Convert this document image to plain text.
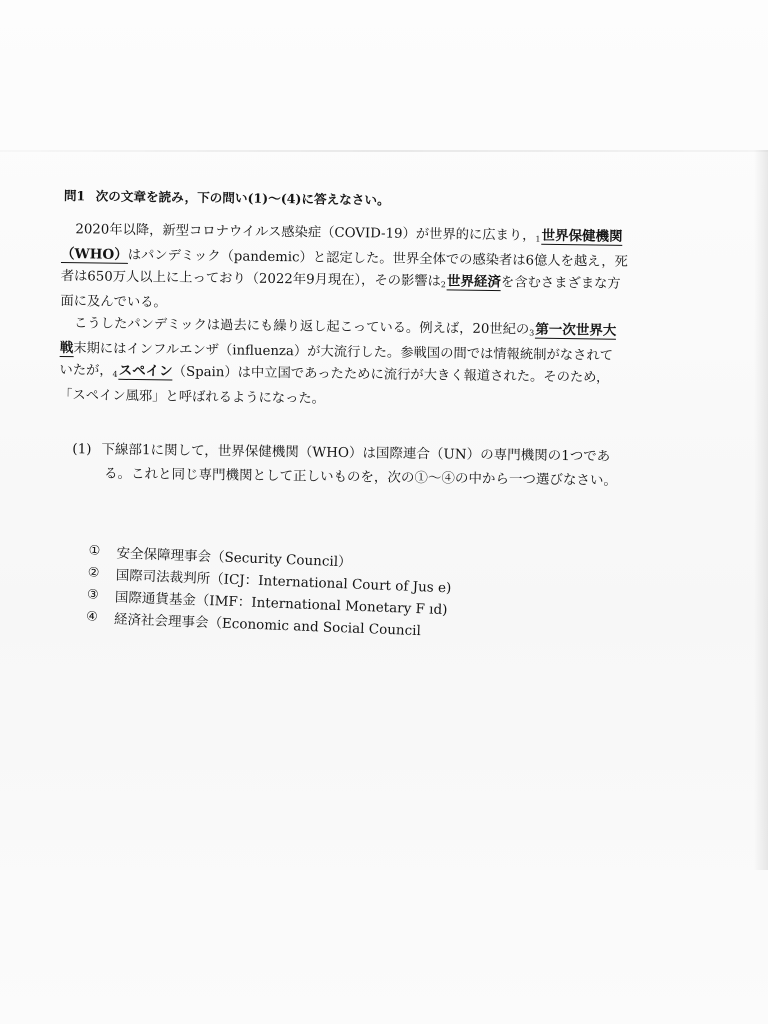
問1 次の文章を読み，下の問い(1)〜(4)に答えなさい。

2020年以降，新型コロナウイルス感染症（COVID-19）が世界的に広まり，$_1$世界保健機関

（WHO）はパンデミック（pandemic）と認定した。世界全体での感染者は6億人を越え，死

者は650万人以上に上っており（2022年9月現在），その影響は$_2$世界経済を含むさまざまな方

面に及んでいる。

こうしたパンデミックは過去にも繰り返し起こっている。例えば，20世紀の$_3$第一次世界大

戦末期にはインフルエンザ（influenza）が大流行した。参戦国の間では情報統制がなされて

いたが，$_4$スペイン（Spain）は中立国であったために流行が大きく報道された。そのため，

「スペイン風邪」と呼ばれるようになった。

(1) 下線部1に関して，世界保健機関（WHO）は国際連合（UN）の専門機関の1つであ

る。これと同じ専門機関として正しいものを，次の①〜④の中から一つ選びなさい。

①	安全保障理事会（Security Council）
②	国際司法裁判所（ICJ：International Court of Jus e)
③	国際通貨基金（IMF：International Monetary F ıd)
④	経済社会理事会（Economic and Social Council
